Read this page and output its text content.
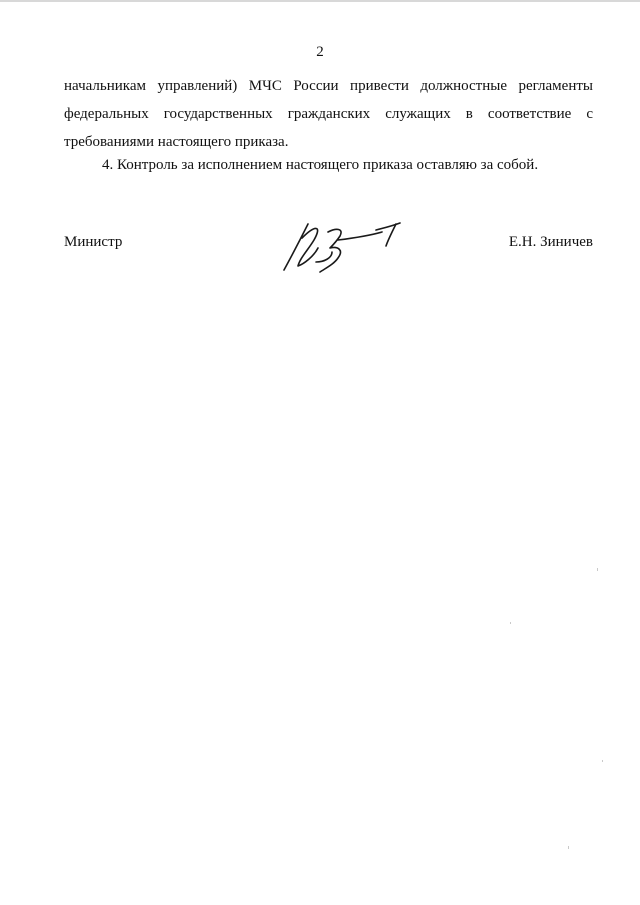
2
начальникам управлений) МЧС России привести должностные регламенты
федеральных государственных гражданских служащих в соответствие с
требованиями настоящего приказа.

4. Контроль за исполнением настоящего приказа оставляю за собой.

Министр	Е.Н. Зиничев
